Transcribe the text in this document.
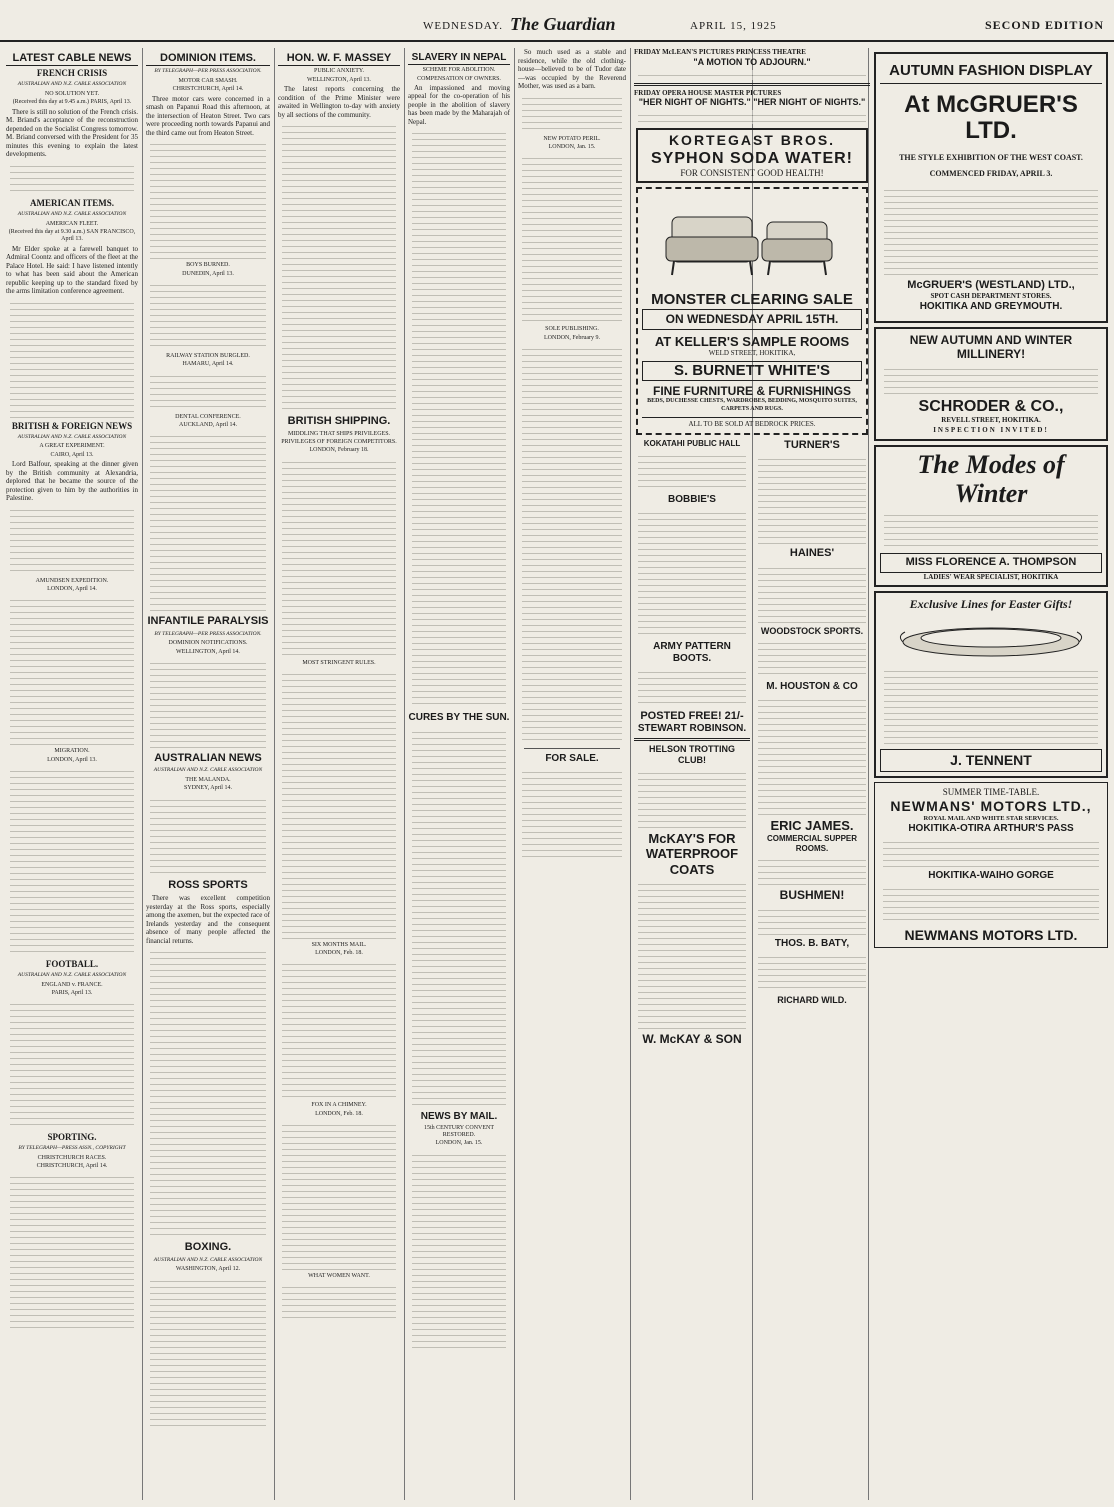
WEDNESDAY. The Guardian	APRIL 15, 1925	SECOND EDITION
LATEST CABLE NEWS
FRENCH CRISIS
AUSTRALIAN AND N.Z. CABLE ASSOCIATION
NO SOLUTION YET.
(Received this day at 9.45 a.m.) PARIS, April 13.

There is still no solution of the French crisis. M. Briand's acceptance of the reconstruction depended on the Socialist Congress tomorrow. M. Briand conversed with the President for 35 minutes this evening to explain the latest developments.

AMERICAN ITEMS.
AUSTRALIAN AND N.Z. CABLE ASSOCIATION
AMERICAN FLEET.
(Received this day at 9.30 a.m.) SAN FRANCISCO, April 13.

Mr Elder spoke at a farewell banquet to Admiral Coontz and officers of the fleet at the Palace Hotel. He said: I have listened intently to what has been said about the American republic keeping up to the standard fixed by the arms limitation conference agreement.

BRITISH & FOREIGN NEWS
AUSTRALIAN AND N.Z. CABLE ASSOCIATION
A GREAT EXPERIMENT.
CAIRO, April 13.

Lord Balfour, speaking at the dinner given by the British community at Alexandria, deplored that he became the source of the protection given to him by the authorities in Palestine.

AMUNDSEN EXPEDITION.
LONDON, April 14.
MIGRATION.
LONDON, April 13.
FOOTBALL.
AUSTRALIAN AND N.Z. CABLE ASSOCIATION
ENGLAND v. FRANCE.
PARIS, April 13.
SPORTING.
BY TELEGRAPH—PRESS ASSN., COPYRIGHT
CHRISTCHURCH RACES.
CHRISTCHURCH, April 14.
DOMINION ITEMS.
BY TELEGRAPH—PER PRESS ASSOCIATION.
MOTOR CAR SMASH.
CHRISTCHURCH, April 14.

Three motor cars were concerned in a smash on Papanui Road this afternoon, at the intersection of Heaton Street. Two cars were proceeding north towards Papanui and the third came out from Heaton Street.

BOYS BURNED.
DUNEDIN, April 13.
RAILWAY STATION BURGLED.
HAMARU, April 14.
DENTAL CONFERENCE.
AUCKLAND, April 14.
INFANTILE PARALYSIS
BY TELEGRAPH—PER PRESS ASSOCIATION.
DOMINION NOTIFICATIONS.
WELLINGTON, April 14.
AUSTRALIAN NEWS
AUSTRALIAN AND N.Z. CABLE ASSOCIATION
THE MALANDA.
SYDNEY, April 14.
ROSS SPORTS

There was excellent competition yesterday at the Ross sports, especially among the axemen, but the expected race of Irelands yesterday and the consequent absence of many people affected the financial returns.

BOXING.
AUSTRALIAN AND N.Z. CABLE ASSOCIATION
WASHINGTON, April 12.
HON. W. F. MASSEY
PUBLIC ANXIETY.
WELLINGTON, April 13.

The latest reports concerning the condition of the Prime Minister were awaited in Wellington to-day with anxiety by all sections of the community.

BRITISH SHIPPING.
MIDDLING THAT SHIPS PRIVILEGES.
PRIVILEGES OF FOREIGN COMPETITORS.
LONDON, February 18.
MOST STRINGENT RULES.
SIX MONTHS MAIL.
LONDON, Feb. 18.
FOX IN A CHIMNEY.
LONDON, Feb. 18.
WHAT WOMEN WANT.
SLAVERY IN NEPAL
SCHEME FOR ABOLITION.
COMPENSATION OF OWNERS.

An impassioned and moving appeal for the co-operation of his people in the abolition of slavery has been made by the Maharajah of Nepal.

CURES BY THE SUN.
NEWS BY MAIL.
15th CENTURY CONVENT RESTORED.
LONDON, Jan. 15.

So much used as a stable and residence, while the old clothing-house—believed to be of Tudor date—was occupied by the Reverend Mother, was used as a barn.

NEW POTATO PERIL.
LONDON, Jan. 15.
SOLE PUBLISHING.
LONDON, February 9.
FOR SALE.
FRIDAY McLEAN'S PICTURES PRINCESS THEATRE
"A MOTION TO ADJOURN."
FRIDAY OPERA HOUSE MASTER PICTURES
"HER NIGHT OF NIGHTS." "HER NIGHT OF NIGHTS."
KORTEGAST BROS.
SYPHON SODA WATER!
FOR CONSISTENT GOOD HEALTH!
MONSTER CLEARING SALE
ON WEDNESDAY APRIL 15TH.
AT KELLER'S SAMPLE ROOMS
WELD STREET, HOKITIKA,
S. BURNETT WHITE'S
FINE FURNITURE & FURNISHINGS
BEDS, DUCHESSE CHESTS, WARDROBES, BEDDING, MOSQUITO SUITES, CARPETS AND RUGS.
ALL TO BE SOLD AT BEDROCK PRICES.
KOKATAHI PUBLIC HALL
BOBBIE'S
ARMY PATTERN BOOTS.
POSTED FREE! 21/-
STEWART ROBINSON.
HELSON TROTTING CLUB!
McKAY'S FOR WATERPROOF COATS
W. McKAY & SON
TURNER'S
HAINES'
WOODSTOCK SPORTS.
M. HOUSTON & CO
ERIC JAMES.
COMMERCIAL SUPPER ROOMS.
BUSHMEN!
THOS. B. BATY,
RICHARD WILD.
AUTUMN FASHION DISPLAY
At McGRUER'S LTD.
THE STYLE EXHIBITION OF THE WEST COAST.
COMMENCED FRIDAY, APRIL 3.
McGRUER'S (WESTLAND) LTD.,
SPOT CASH DEPARTMENT STORES.
HOKITIKA AND GREYMOUTH.
NEW AUTUMN AND WINTER MILLINERY!
SCHRODER & CO.,
REVELL STREET, HOKITIKA.
INSPECTION INVITED!
The Modes of Winter
MISS FLORENCE A. THOMPSON
LADIES' WEAR SPECIALIST, HOKITIKA
Exclusive Lines for Easter Gifts!
J. TENNENT
SUMMER TIME-TABLE.
NEWMANS' MOTORS LTD.,
ROYAL MAIL AND WHITE STAR SERVICES.
HOKITIKA-OTIRA ARTHUR'S PASS
HOKITIKA-WAIHO GORGE
NEWMANS MOTORS LTD.
